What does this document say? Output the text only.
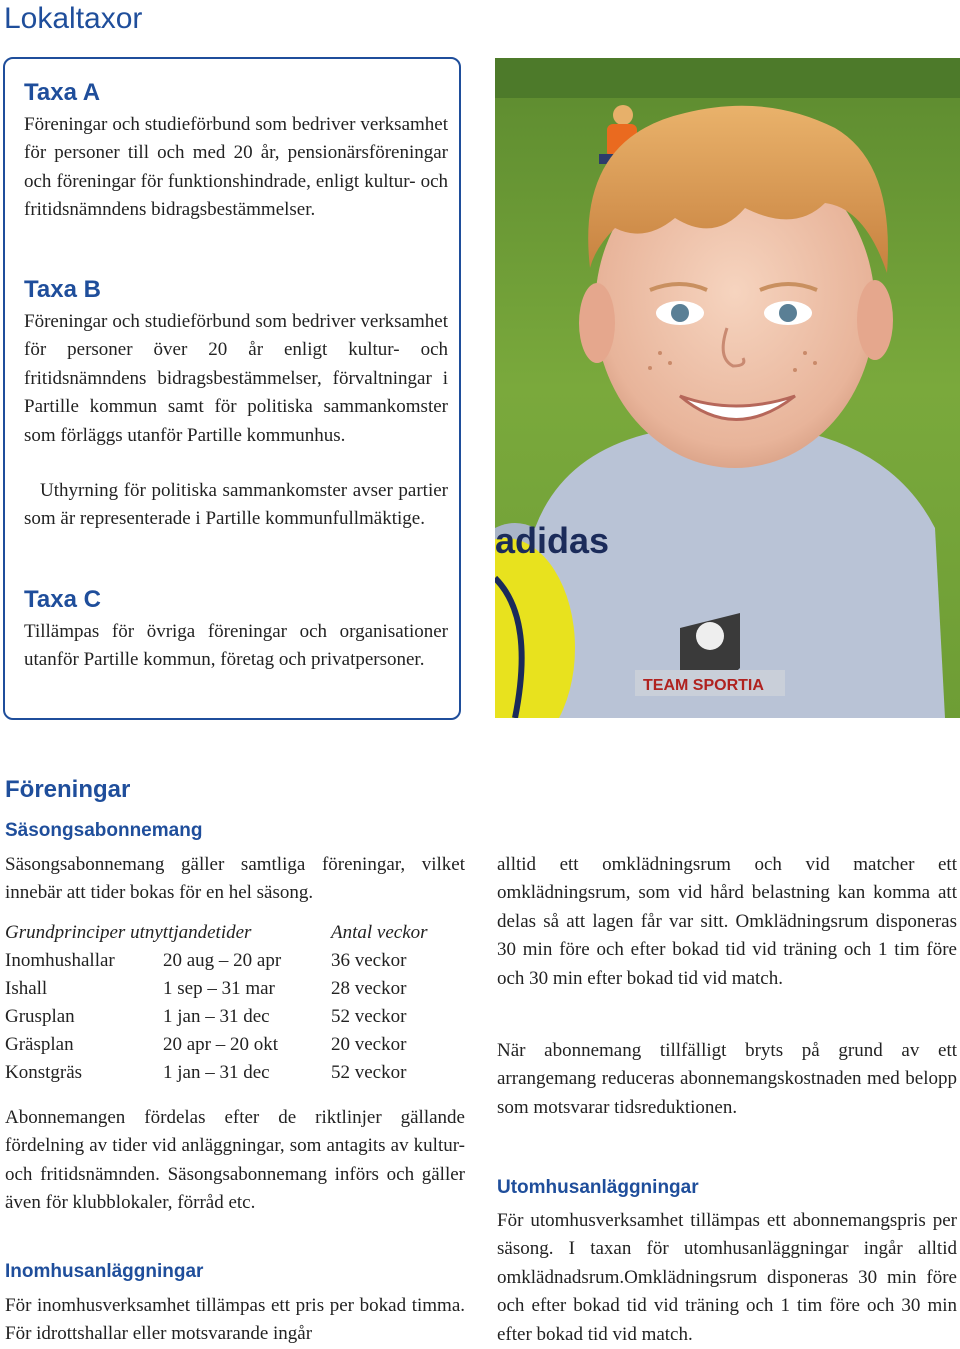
Lokaltaxor
Taxa A

Föreningar och studieförbund som bedriver verksamhet för personer till och med 20 år, pensionärsföreningar och föreningar för funktionshindrade, enligt kultur- och fritidsnämndens bidragsbestämmelser.

Taxa B

Föreningar och studieförbund som bedriver verksamhet för personer över 20 år enligt kultur- och fritidsnämndens bidragsbestämmelser, förvaltningar i Partille kommun samt för politiska sammankomster som förläggs utanför Partille kommunhus.

Uthyrning för politiska sammankomster avser partier som är representerade i Partille kommunfullmäktige.

Taxa C

Tillämpas för övriga föreningar och organisationer utanför Partille kommun, företag och privatpersoner.

adidas
TEAM SPORTIA
Föreningar
Säsongsabonnemang

Säsongsabonnemang gäller samtliga föreningar, vilket innebär att tider bokas för en hel säsong.

Grundprinciper utnyttjandetider		Antal veckor
Inomhushallar	20 aug – 20 apr	36 veckor
Ishall	1 sep – 31 mar	28 veckor
Grusplan	1 jan – 31 dec	52 veckor
Gräsplan	20 apr – 20 okt	20 veckor
Konstgräs	1 jan – 31 dec	52 veckor

Abonnemangen fördelas efter de riktlinjer gällande fördelning av tider vid anläggningar, som antagits av kultur- och fritidsnämnden. Säsongsabonnemang införs och gäller även för klubblokaler, förråd etc.

Inomhusanläggningar

För inomhusverksamhet tillämpas ett pris per bokad timma. För idrottshallar eller motsvarande ingår

alltid ett omklädningsrum och vid matcher ett omklädningsrum, som vid hård belastning kan komma att delas så att lagen får var sitt. Omklädningsrum disponeras 30 min före och efter bokad tid vid träning och 1 tim före och 30 min efter bokad tid vid match.

När abonnemang tillfälligt bryts på grund av ett arrangemang reduceras abonnemangskostnaden med belopp som motsvarar tidsreduktionen.

Utomhusanläggningar

För utomhusverksamhet tillämpas ett abonnemangspris per säsong. I taxan för utomhusanläggningar ingår alltid omklädnadsrum.Omklädningsrum disponeras 30 min före och efter bokad tid vid träning och 1 tim före och 30 min efter bokad tid vid match.
